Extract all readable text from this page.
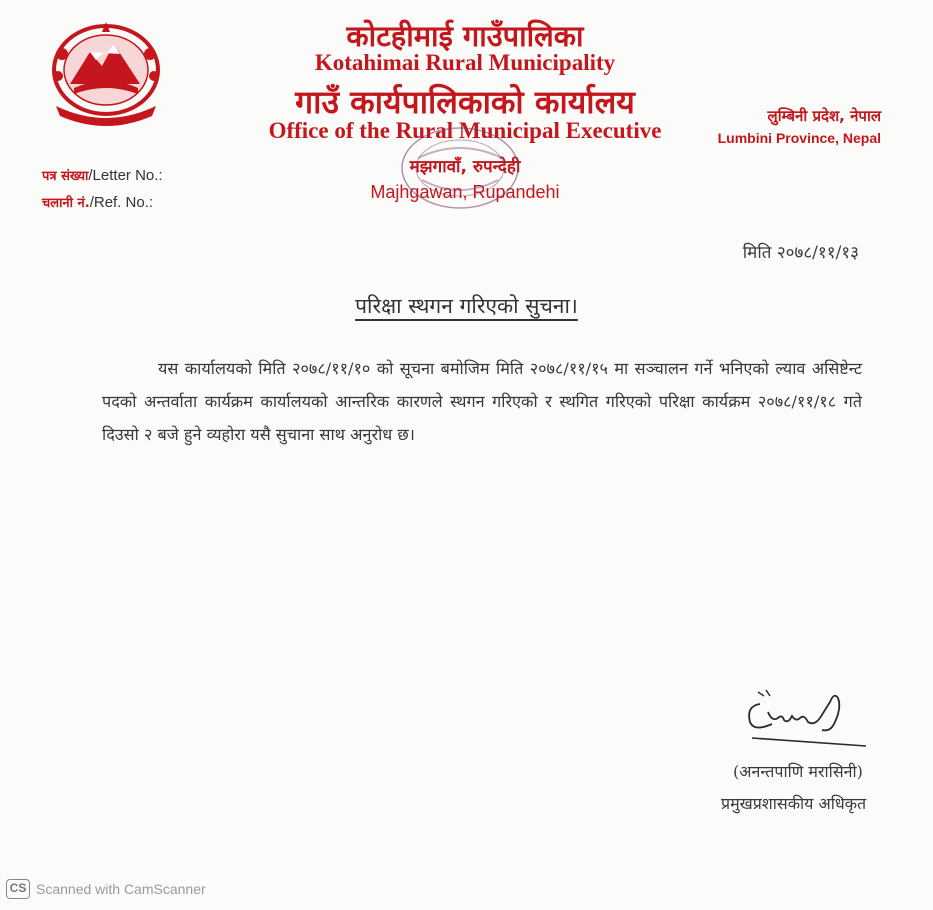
कोटहीमाई गाउँपालिका
Kotahimai Rural Municipality
गाउँ कार्यपालिकाको कार्यालय
Office of the Rural Municipal Executive
मझगावाँ, रुपन्देही
Majhgawan, Rupandehi
लुम्बिनी प्रदेश, नेपाल
Lumbini Province, Nepal
पत्र संख्या/Letter No.:
चलानी नं./Ref. No.:
मिति २०७८/११/१३
परिक्षा स्थगन गरिएको सुचना।
यस कार्यालयको मिति २०७८/११/१० को सूचना बमोजिम मिति २०७८/११/१५ मा सञ्चालन गर्ने भनिएको ल्याव असिष्टेन्ट पदको अन्तर्वाता कार्यक्रम कार्यालयको आन्तरिक कारणले स्थगन गरिएको र स्थगित गरिएको परिक्षा कार्यक्रम २०७८/११/१८ गते दिउसो २ बजे हुने व्यहोरा यसै सुचाना साथ अनुरोध छ।
(अनन्तपाणि मरासिनी)
प्रमुखप्रशासकीय अधिकृत
CS Scanned with CamScanner
